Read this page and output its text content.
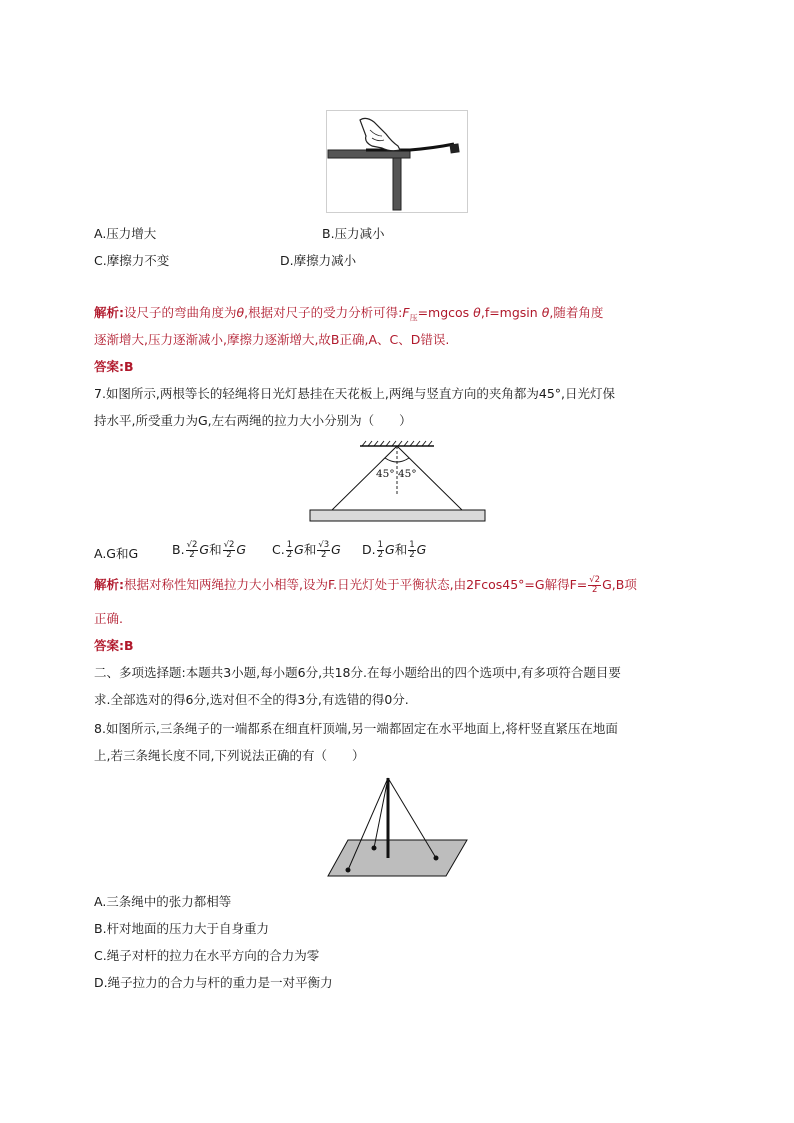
A.压力增大	B.压力减小
C.摩擦力不变	D.摩擦力减小
解析:设尺子的弯曲角度为θ,根据对尺子的受力分析可得$:F_压=mgcos$ θ,f=mgsin θ,随着角度
逐渐增大,压力逐渐减小,摩擦力逐渐增大,故B正确,A、C、D错误.
答案:B
7.如图所示,两根等长的轻绳将日光灯悬挂在天花板上,两绳与竖直方向的夹角都为45°,日光灯保
持水平,所受重力为G,左右两绳的拉力大小分别为（　　）
45° 45°
A.G和G	B. $\frac{√2}{2}$ G和 $\frac{√2}{2}$ G C. $\frac{1}{2}$ G和 $\frac{√3}{2}$ G D. $\frac{1}{2}$ G和 $\frac{1}{2}$ G
解析:根据对称性知两绳拉力大小相等,设为F.日光灯处于平衡状态,由2Fcos45°=G解得$F= \frac{√2}{2} G,B$项
正确.
答案:B
二、多项选择题:本题共3小题,每小题6分,共18分.在每小题给出的四个选项中,有多项符合题目要
求.全部选对的得6分,选对但不全的得3分,有选错的得0分.
8.如图所示,三条绳子的一端都系在细直杆顶端,另一端都固定在水平地面上,将杆竖直紧压在地面
上,若三条绳长度不同,下列说法正确的有（　　）
A.三条绳中的张力都相等
B.杆对地面的压力大于自身重力
C.绳子对杆的拉力在水平方向的合力为零
D.绳子拉力的合力与杆的重力是一对平衡力
